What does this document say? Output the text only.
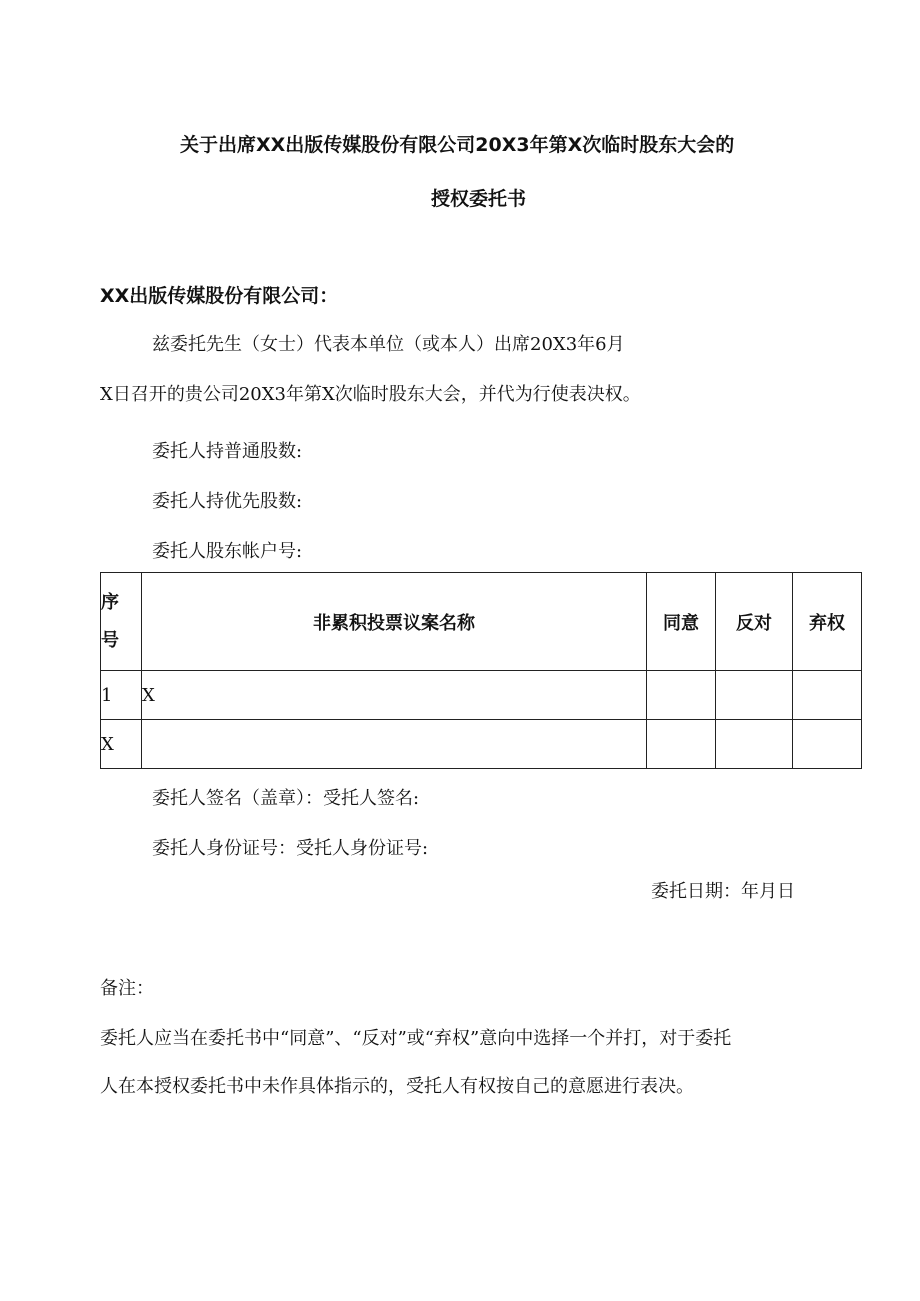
关于出席XX出版传媒股份有限公司20X3年第X次临时股东大会的
授权委托书
XX出版传媒股份有限公司：
兹委托先生（女士）代表本单位（或本人）出席20X3年6月
X日召开的贵公司20X3年第X次临时股东大会，并代为行使表决权。
委托人持普通股数:
委托人持优先股数:
委托人股东帐户号:
序
号	非累积投票议案名称	同意	反对	弃权
1	X			
X				
委托人签名（盖章）：受托人签名:
委托人身份证号：受托人身份证号:
委托日期：年月日
备注：
委托人应当在委托书中“同意”、“反对”或“弃权”意向中选择一个并打，对于委托
人在本授权委托书中未作具体指示的，受托人有权按自己的意愿进行表决。
